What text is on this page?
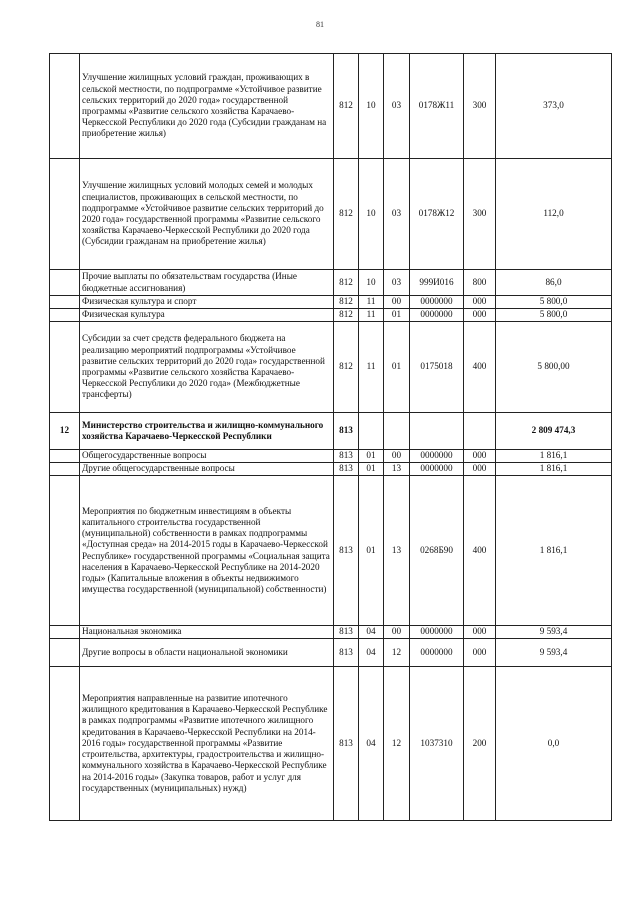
81
	Улучшение жилищных условий граждан, проживающих в сельской местности, по подпрограмме «Устойчивое развитие сельских территорий до 2020 года» государственной программы «Развитие сельского хозяйства Карачаево-Черкесской Республики до 2020 года (Субсидии гражданам на приобретение жилья)	812	10	03	0178Ж11	300	373,0
	Улучшение жилищных условий молодых семей и молодых специалистов, проживающих в сельской местности, по подпрограмме «Устойчивое развитие сельских территорий до 2020 года» государственной программы «Развитие сельского хозяйства Карачаево-Черкесской Республики до 2020 года (Субсидии гражданам на приобретение жилья)	812	10	03	0178Ж12	300	112,0
	Прочие выплаты по обязательствам государства (Иные бюджетные ассигнования)	812	10	03	999И016	800	86,0
	Физическая культура и спорт	812	11	00	0000000	000	5 800,0
	Физическая культура	812	11	01	0000000	000	5 800,0
	Субсидии за счет средств федерального бюджета на реализацию мероприятий подпрограммы «Устойчивое развитие сельских территорий до 2020 года» государственной программы «Развитие сельского хозяйства Карачаево-Черкесской Республики до 2020 года» (Межбюджетные трансферты)	812	11	01	0175018	400	5 800,00
12	Министерство строительства и жилищно-коммунального хозяйства Карачаево-Черкесской Республики	813					2 809 474,3
	Общегосударственные вопросы	813	01	00	0000000	000	1 816,1
	Другие общегосударственные вопросы	813	01	13	0000000	000	1 816,1
	Мероприятия по бюджетным инвестициям в объекты капитального строительства государственной (муниципальной) собственности в рамках подпрограммы «Доступная среда» на 2014-2015 годы в Карачаево-Черкесской Республике» государственной программы «Социальная защита населения в Карачаево-Черкесской Республике на 2014-2020 годы» (Капитальные вложения в объекты недвижимого имущества государственной (муниципальной) собственности)	813	01	13	0268Б90	400	1 816,1
	Национальная экономика	813	04	00	0000000	000	9 593,4
	Другие вопросы в области национальной экономики	813	04	12	0000000	000	9 593,4
	Мероприятия направленные на развитие ипотечного жилищного кредитования в Карачаево-Черкесской Республике в рамках подпрограммы «Развитие ипотечного жилищного кредитования в Карачаево-Черкесской Республики на 2014-2016 годы» государственной программы «Развитие строительства, архитектуры, градостроительства и жилищно-коммунального хозяйства в Карачаево-Черкесской Республике на 2014-2016 годы» (Закупка товаров, работ и услуг для государственных (муниципальных) нужд)	813	04	12	1037310	200	0,0
